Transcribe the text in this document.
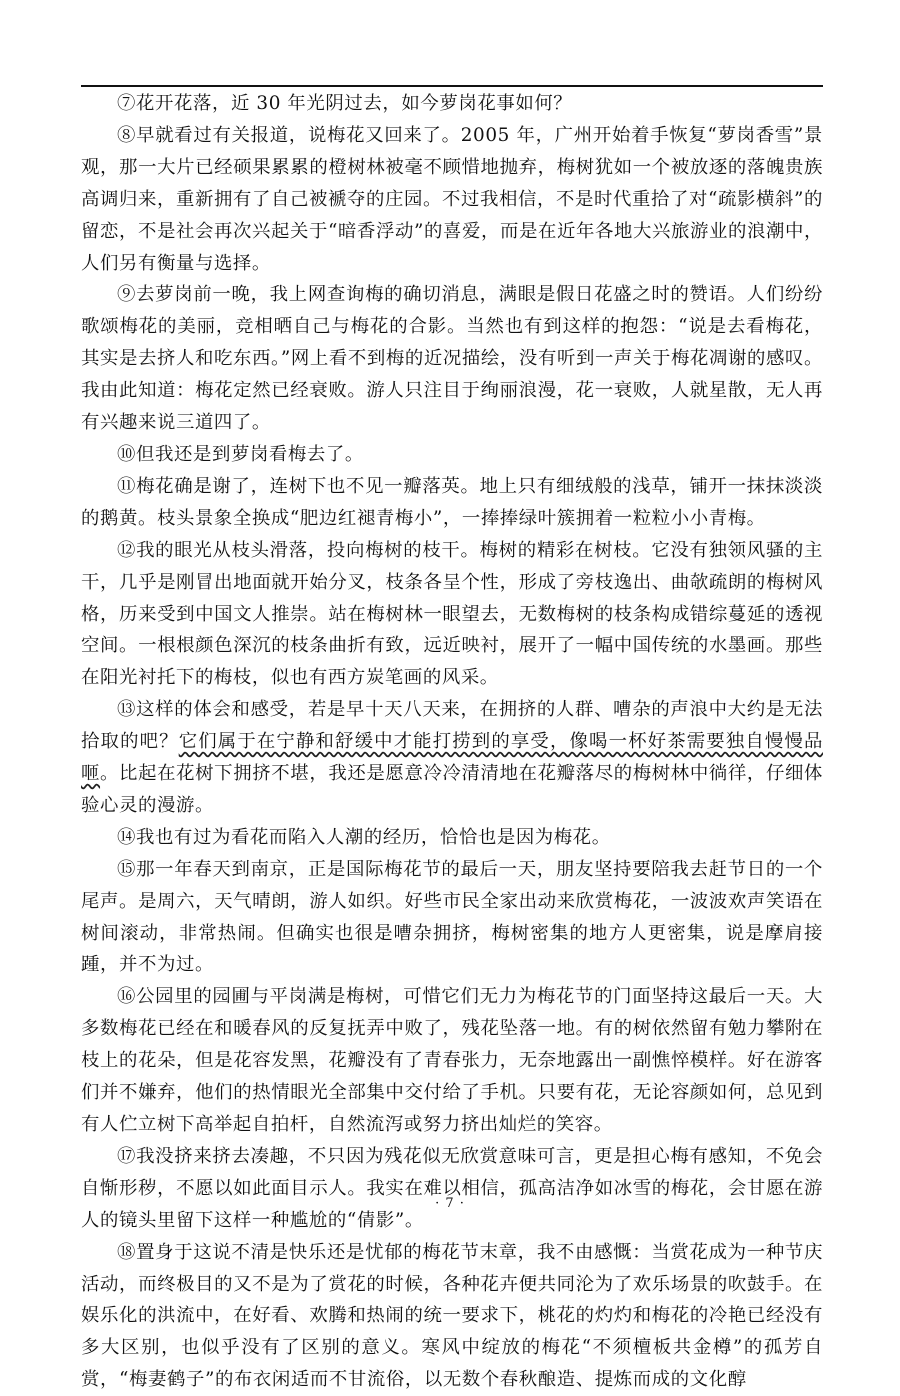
⑦花开花落，近 30 年光阴过去，如今萝岗花事如何？

⑧早就看过有关报道，说梅花又回来了。2005 年，广州开始着手恢复“萝岗香雪”景观，那一大片已经硕果累累的橙树林被毫不顾惜地抛弃，梅树犹如一个被放逐的落魄贵族高调归来，重新拥有了自己被褫夺的庄园。不过我相信，不是时代重拾了对“疏影横斜”的留恋，不是社会再次兴起关于“暗香浮动”的喜爱，而是在近年各地大兴旅游业的浪潮中，人们另有衡量与选择。

⑨去萝岗前一晚，我上网查询梅的确切消息，满眼是假日花盛之时的赞语。人们纷纷歌颂梅花的美丽，竞相晒自己与梅花的合影。当然也有到这样的抱怨：“说是去看梅花，其实是去挤人和吃东西。”网上看不到梅的近况描绘，没有听到一声关于梅花凋谢的感叹。我由此知道：梅花定然已经衰败。游人只注目于绚丽浪漫，花一衰败，人就星散，无人再有兴趣来说三道四了。

⑩但我还是到萝岗看梅去了。

⑪梅花确是谢了，连树下也不见一瓣落英。地上只有细绒般的浅草，铺开一抹抹淡淡的鹅黄。枝头景象全换成“肥边红褪青梅小”，一捧捧绿叶簇拥着一粒粒小小青梅。

⑫我的眼光从枝头滑落，投向梅树的枝干。梅树的精彩在树枝。它没有独领风骚的主干，几乎是刚冒出地面就开始分叉，枝条各呈个性，形成了旁枝逸出、曲欹疏朗的梅树风格，历来受到中国文人推崇。站在梅树林一眼望去，无数梅树的枝条构成错综蔓延的透视空间。一根根颜色深沉的枝条曲折有致，远近映衬，展开了一幅中国传统的水墨画。那些在阳光衬托下的梅枝，似也有西方炭笔画的风采。

⑬这样的体会和感受，若是早十天八天来，在拥挤的人群、嘈杂的声浪中大约是无法拾取的吧？它们属于在宁静和舒缓中才能打捞到的享受，像喝一杯好茶需要独自慢慢品咂。比起在花树下拥挤不堪，我还是愿意冷冷清清地在花瓣落尽的梅树林中徜徉，仔细体验心灵的漫游。

⑭我也有过为看花而陷入人潮的经历，恰恰也是因为梅花。

⑮那一年春天到南京，正是国际梅花节的最后一天，朋友坚持要陪我去赶节日的一个尾声。是周六，天气晴朗，游人如织。好些市民全家出动来欣赏梅花，一波波欢声笑语在树间滚动，非常热闹。但确实也很是嘈杂拥挤，梅树密集的地方人更密集，说是摩肩接踵，并不为过。

⑯公园里的园圃与平岗满是梅树，可惜它们无力为梅花节的门面坚持这最后一天。大多数梅花已经在和暖春风的反复抚弄中败了，残花坠落一地。有的树依然留有勉力攀附在枝上的花朵，但是花容发黑，花瓣没有了青春张力，无奈地露出一副憔悴模样。好在游客们并不嫌弃，他们的热情眼光全部集中交付给了手机。只要有花，无论容颜如何，总见到有人伫立树下高举起自拍杆，自然流泻或努力挤出灿烂的笑容。

⑰我没挤来挤去凑趣，不只因为残花似无欣赏意味可言，更是担心梅有感知，不免会自惭形秽，不愿以如此面目示人。我实在难以相信，孤高洁净如冰雪的梅花，会甘愿在游人的镜头里留下这样一种尴尬的“倩影”。

⑱置身于这说不清是快乐还是忧郁的梅花节末章，我不由感慨：当赏花成为一种节庆活动，而终极目的又不是为了赏花的时候，各种花卉便共同沦为了欢乐场景的吹鼓手。在娱乐化的洪流中，在好看、欢腾和热闹的统一要求下，桃花的灼灼和梅花的冷艳已经没有多大区别，也似乎没有了区别的意义。寒风中绽放的梅花“不须檀板共金樽”的孤芳自赏，“梅妻鹤子”的布衣闲适而不甘流俗，以无数个春秋酿造、提炼而成的文化醇

· 7 ·
